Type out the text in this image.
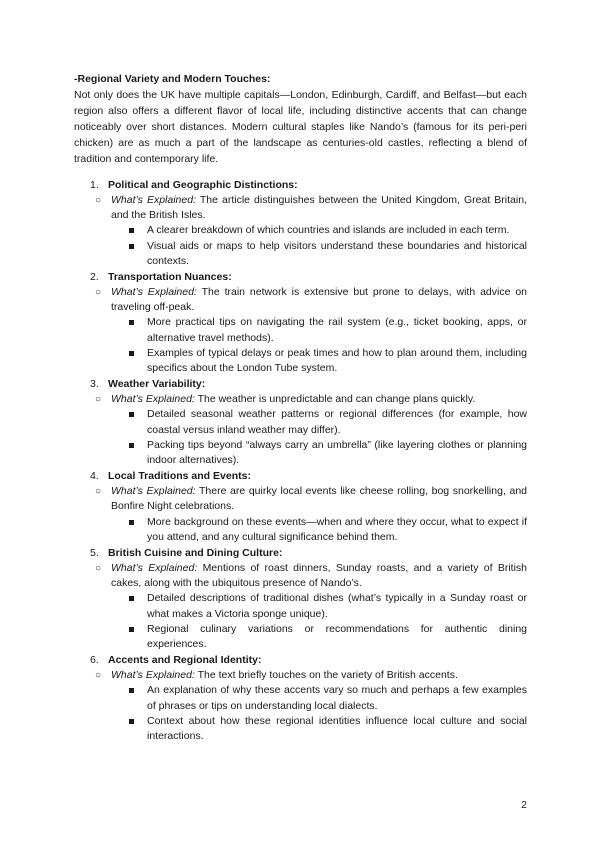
-Regional Variety and Modern Touches:

Not only does the UK have multiple capitals—London, Edinburgh, Cardiff, and Belfast—but each region also offers a different flavor of local life, including distinctive accents that can change noticeably over short distances. Modern cultural staples like Nando’s (famous for its peri-peri chicken) are as much a part of the landscape as centuries-old castles, reflecting a blend of tradition and contemporary life.

1. Political and Geographic Distinctions:
○ What’s Explained: The article distinguishes between the United Kingdom, Great Britain, and the British Isles.
A clearer breakdown of which countries and islands are included in each term.
Visual aids or maps to help visitors understand these boundaries and historical contexts.
2. Transportation Nuances:
○ What’s Explained: The train network is extensive but prone to delays, with advice on traveling off-peak.
More practical tips on navigating the rail system (e.g., ticket booking, apps, or alternative travel methods).
Examples of typical delays or peak times and how to plan around them, including specifics about the London Tube system.
3. Weather Variability:
○ What’s Explained: The weather is unpredictable and can change plans quickly.
Detailed seasonal weather patterns or regional differences (for example, how coastal versus inland weather may differ).
Packing tips beyond “always carry an umbrella” (like layering clothes or planning indoor alternatives).
4. Local Traditions and Events:
○ What’s Explained: There are quirky local events like cheese rolling, bog snorkelling, and Bonfire Night celebrations.
More background on these events—when and where they occur, what to expect if you attend, and any cultural significance behind them.
5. British Cuisine and Dining Culture:
○ What’s Explained: Mentions of roast dinners, Sunday roasts, and a variety of British cakes, along with the ubiquitous presence of Nando’s.
Detailed descriptions of traditional dishes (what’s typically in a Sunday roast or what makes a Victoria sponge unique).
Regional culinary variations or recommendations for authentic dining experiences.
6. Accents and Regional Identity:
○ What’s Explained: The text briefly touches on the variety of British accents.
An explanation of why these accents vary so much and perhaps a few examples of phrases or tips on understanding local dialects.
Context about how these regional identities influence local culture and social interactions.
2
